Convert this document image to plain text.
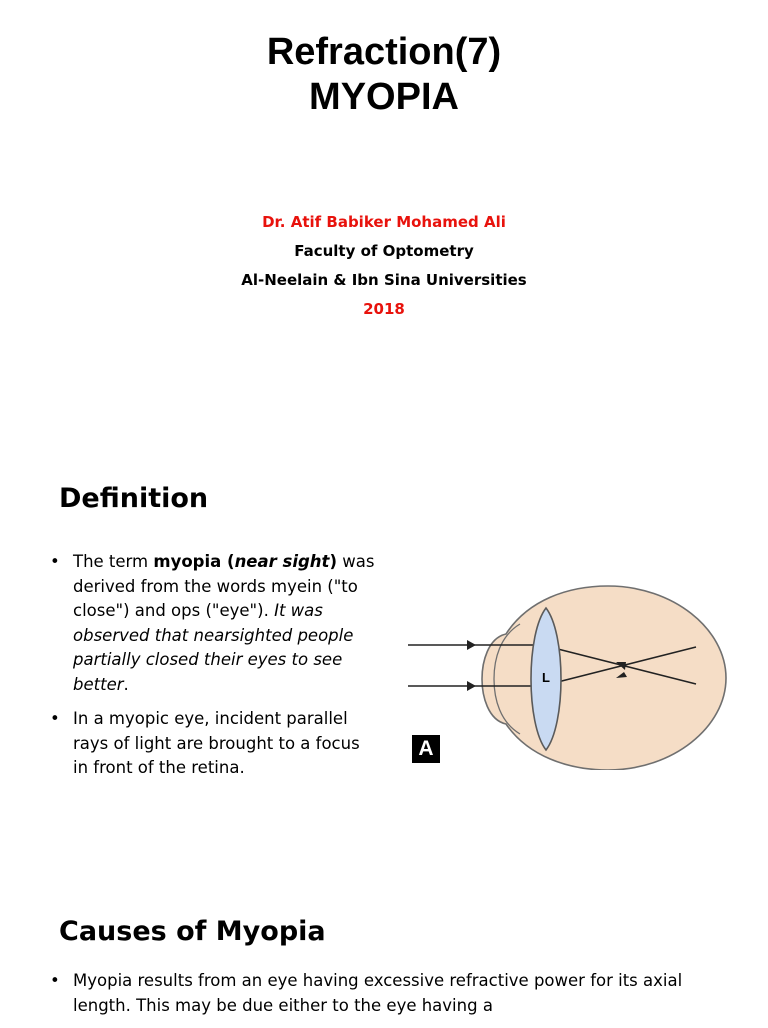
Refraction(7)
MYOPIA
Dr. Atif Babiker Mohamed Ali
Faculty of Optometry
Al-Neelain & Ibn Sina Universities
2018
Definition
• The term myopia (near sight) was derived from the words myein ("to close") and ops ("eye"). It was observed that nearsighted people partially closed their eyes to see better.
• In a myopic eye, incident parallel rays of light are brought to a focus in front of the retina.
L
A
Causes of Myopia
• Myopia results from an eye having excessive refractive power for its axial length. This may be due either to the eye having a
